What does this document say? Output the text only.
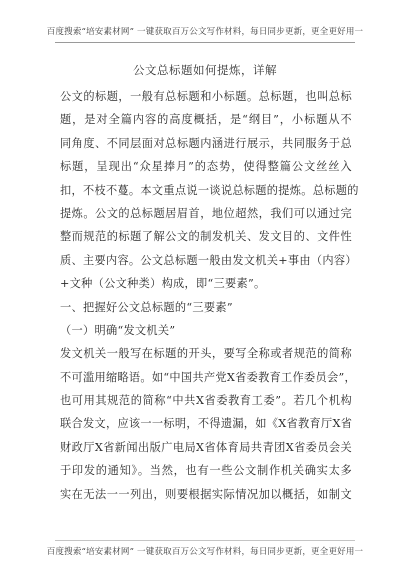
百度搜索“培安素材网” 一键获取百万公文写作材料，每日同步更新，更全更好用一
公文总标题如何提炼，详解
公文的标题，一般有总标题和小标题。总标题，也叫总标
题，是对全篇内容的高度概括，是“纲目”，小标题从不
同角度、不同层面对总标题内涵进行展示，共同服务于总
标题，呈现出“众星捧月”的态势，使得整篇公文丝丝入
扣，不枝不蔓。本文重点说一谈说总标题的提炼。总标题的
提炼。公文的总标题居眉首，地位超然，我们可以通过完
整而规范的标题了解公文的制发机关、发文目的、文件性
质、主要内容。公文总标题一般由发文机关+事由（内容）
+文种（公文种类）构成，即“三要素”。
一、把握好公文总标题的“三要素”
（一）明确“发文机关”
发文机关一般写在标题的开头，要写全称或者规范的简称
不可滥用缩略语。如“中国共产党X省委教育工作委员会”，
也可用其规范的简称“中共X省委教育工委”。若几个机构
联合发文，应该一一标明，不得遗漏，如《X省教育厅X省
财政厅X省新闻出版广电局X省体育局共青团X省委员会关
于印发的通知》。当然，也有一些公文制作机关确实太多
实在无法一一列出，则要根据实际情况加以概括，如制文
百度搜索“培安素材网” 一键获取百万公文写作材料，每日同步更新，更全更好用一
